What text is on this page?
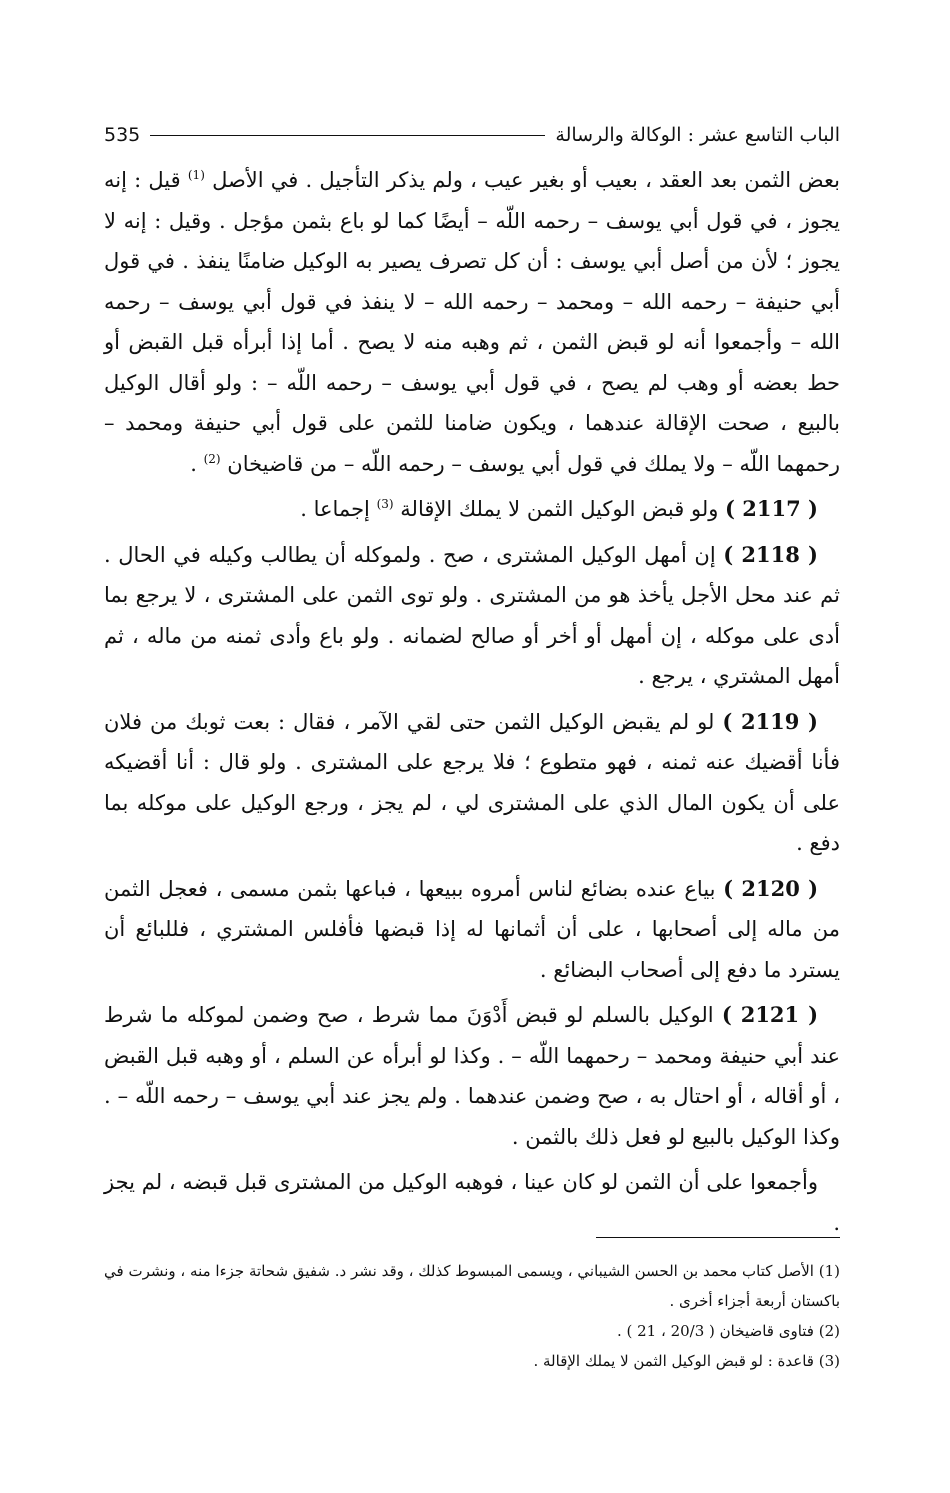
الباب التاسع عشر : الوكالة والرسالة
535

بعض الثمن بعد العقد ، بعيب أو بغير عيب ، ولم يذكر التأجيل . في الأصل $^{(1)}$ قيل : إنه يجوز ، في قول أبي يوسف – رحمه اللّه – أيضًا كما لو باع بثمن مؤجل . وقيل : إنه لا يجوز ؛ لأن من أصل أبي يوسف : أن كل تصرف يصير به الوكيل ضامنًا ينفذ . في قول أبي حنيفة – رحمه الله – ومحمد – رحمه الله – لا ينفذ في قول أبي يوسف – رحمه الله – وأجمعوا أنه لو قبض الثمن ، ثم وهبه منه لا يصح . أما إذا أبرأه قبل القبض أو حط بعضه أو وهب لم يصح ، في قول أبي يوسف – رحمه اللّه – : ولو أقال الوكيل بالبيع ، صحت الإقالة عندهما ، ويكون ضامنا للثمن على قول أبي حنيفة ومحمد – رحمهما اللّه – ولا يملك في قول أبي يوسف – رحمه اللّه – من قاضيخان $^{(2)}$ .

( 2117 ) ولو قبض الوكيل الثمن لا يملك الإقالة $^{(3)}$ إجماعا .

( 2118 ) إن أمهل الوكيل المشترى ، صح . ولموكله أن يطالب وكيله في الحال . ثم عند محل الأجل يأخذ هو من المشترى . ولو توى الثمن على المشترى ، لا يرجع بما أدى على موكله ، إن أمهل أو أخر أو صالح لضمانه . ولو باع وأدى ثمنه من ماله ، ثم أمهل المشتري ، يرجع .

( 2119 ) لو لم يقبض الوكيل الثمن حتى لقي الآمر ، فقال : بعت ثوبك من فلان فأنا أقضيك عنه ثمنه ، فهو متطوع ؛ فلا يرجع على المشترى . ولو قال : أنا أقضيكه على أن يكون المال الذي على المشترى لي ، لم يجز ، ورجع الوكيل على موكله بما دفع .

( 2120 ) بياع عنده بضائع لناس أمروه ببيعها ، فباعها بثمن مسمى ، فعجل الثمن من ماله إلى أصحابها ، على أن أثمانها له إذا قبضها فأفلس المشتري ، فللبائع أن يسترد ما دفع إلى أصحاب البضائع .

( 2121 ) الوكيل بالسلم لو قبض أَدْوَنَ مما شرط ، صح وضمن لموكله ما شرط عند أبي حنيفة ومحمد – رحمهما اللّه – . وكذا لو أبرأه عن السلم ، أو وهبه قبل القبض ، أو أقاله ، أو احتال به ، صح وضمن عندهما . ولم يجز عند أبي يوسف – رحمه اللّه – . وكذا الوكيل بالبيع لو فعل ذلك بالثمن .

وأجمعوا على أن الثمن لو كان عينا ، فوهبه الوكيل من المشترى قبل قبضه ، لم يجز .

(1) الأصل كتاب محمد بن الحسن الشيباني ، ويسمى المبسوط كذلك ، وقد نشر د. شفيق شحاتة جزءا منه ، ونشرت في باكستان أربعة أجزاء أخرى .

(2) فتاوى قاضيخان ( 20/3 ، 21 ) .

(3) قاعدة : لو قبض الوكيل الثمن لا يملك الإقالة .
